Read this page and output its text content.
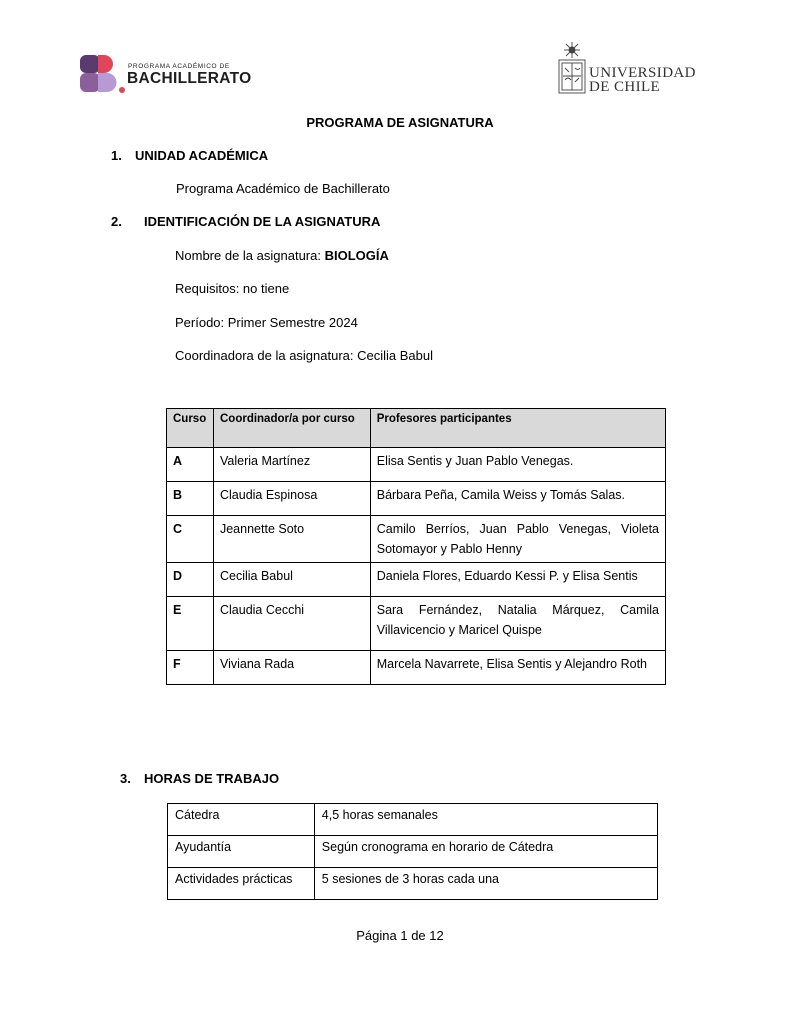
PROGRAMA ACADÉMICO DE
BACHILLERATO	UNIVERSIDAD
DE CHILE
PROGRAMA DE ASIGNATURA
1. UNIDAD ACADÉMICA
Programa Académico de Bachillerato
2. IDENTIFICACIÓN DE LA ASIGNATURA
Nombre de la asignatura: BIOLOGÍA
Requisitos: no tiene
Período: Primer Semestre 2024
Coordinadora de la asignatura: Cecilia Babul
Curso	Coordinador/a por curso	Profesores participantes
A	Valeria Martínez	Elisa Sentis y Juan Pablo Venegas.
B	Claudia Espinosa	Bárbara Peña, Camila Weiss y Tomás Salas.
C	Jeannette Soto	Camilo Berríos, Juan Pablo Venegas, Violeta Sotomayor y Pablo Henny
D	Cecilia Babul	Daniela Flores, Eduardo Kessi P. y Elisa Sentis
E	Claudia Cecchi	Sara Fernández, Natalia Márquez, Camila Villavicencio y Maricel Quispe
F	Viviana Rada	Marcela Navarrete, Elisa Sentis y Alejandro Roth
3. HORAS DE TRABAJO
Cátedra	4,5 horas semanales
Ayudantía	Según cronograma en horario de Cátedra
Actividades prácticas	5 sesiones de 3 horas cada una
Página 1 de 12
